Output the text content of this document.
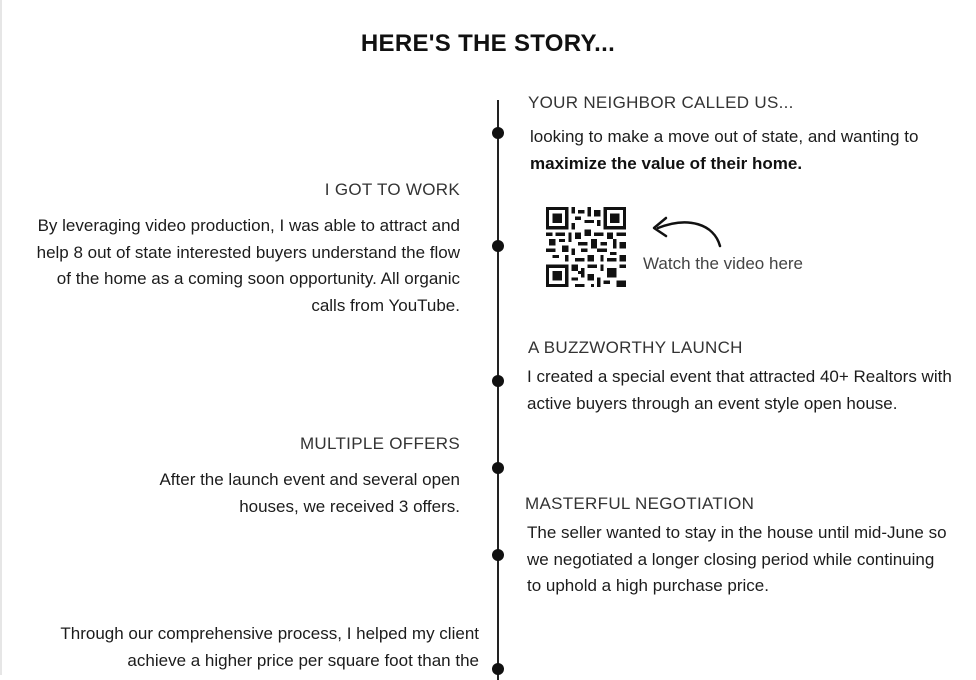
HERE'S THE STORY...
YOUR NEIGHBOR CALLED US...
looking to make a move out of state, and wanting to maximize the value of their home.
I GOT TO WORK
By leveraging video production, I was able to attract and help 8 out of state interested buyers understand the flow of the home as a coming soon opportunity. All organic calls from YouTube.
Watch the video here
A BUZZWORTHY LAUNCH
I created a special event that attracted 40+ Realtors with active buyers through an event style open house.
MULTIPLE OFFERS
After the launch event and several open houses, we received 3 offers.	MASTERFUL NEGOTIATION
The seller wanted to stay in the house until mid-June so we negotiated a longer closing period while continuing to uphold a high purchase price.
Through our comprehensive process, I helped my client achieve a higher price per square foot than the
